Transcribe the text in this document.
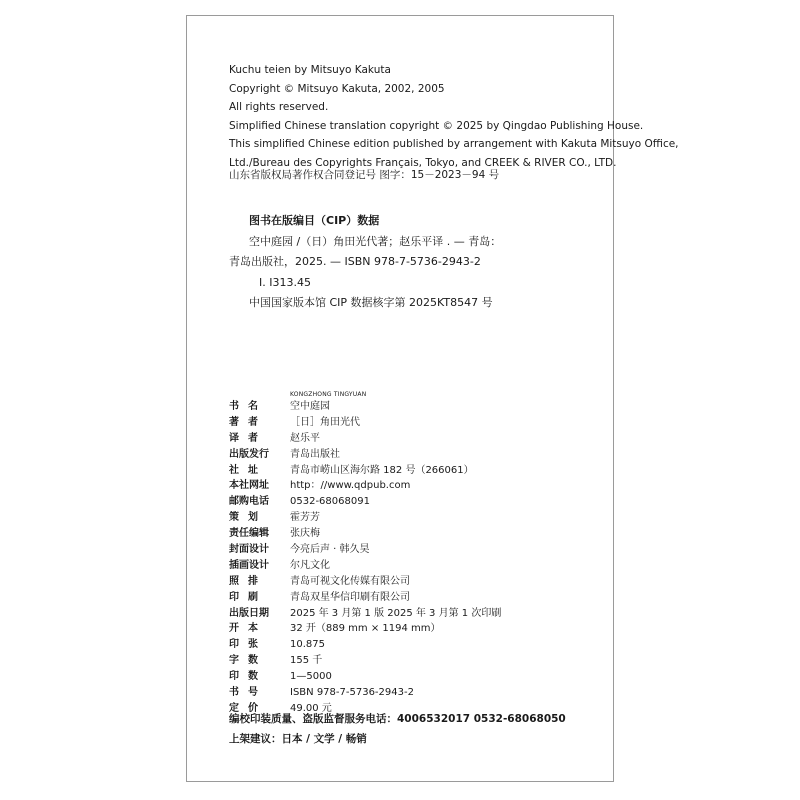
Kuchu teien by Mitsuyo Kakuta
Copyright © Mitsuyo Kakuta, 2002, 2005
All rights reserved.
Simplified Chinese translation copyright © 2025 by Qingdao Publishing House.
This simplified Chinese edition published by arrangement with Kakuta Mitsuyo Office,
Ltd./Bureau des Copyrights Français, Tokyo, and CREEK & RIVER CO., LTD.
山东省版权局著作权合同登记号 图字：15－2023－94 号
图书在版编目（CIP）数据
空中庭园 /（日）角田光代著；赵乐平译 . — 青岛：
青岛出版社，2025. — ISBN 978-7-5736-2943-2
Ⅰ. I313.45
中国国家版本馆 CIP 数据核字第 2025KT8547 号
KONGZHONG TINGYUAN
书名	空中庭园
著者	［日］角田光代
译者	赵乐平
出版发行	青岛出版社
社址	青岛市崂山区海尔路 182 号（266061）
本社网址	http：//www.qdpub.com
邮购电话	0532-68068091
策划	霍芳芳
责任编辑	张庆梅
封面设计	今亮后声 · 韩久昊
插画设计	尔凡文化
照排	青岛可视文化传媒有限公司
印刷	青岛双星华信印刷有限公司
出版日期	2025 年 3 月第 1 版 2025 年 3 月第 1 次印刷
开本	32 开（889 mm × 1194 mm）
印张	10.875
字数	155 千
印数	1—5000
书号	ISBN 978-7-5736-2943-2
定价	49.00 元
编校印装质量、盗版监督服务电话：4006532017 0532-68068050
上架建议：日本 / 文学 / 畅销
